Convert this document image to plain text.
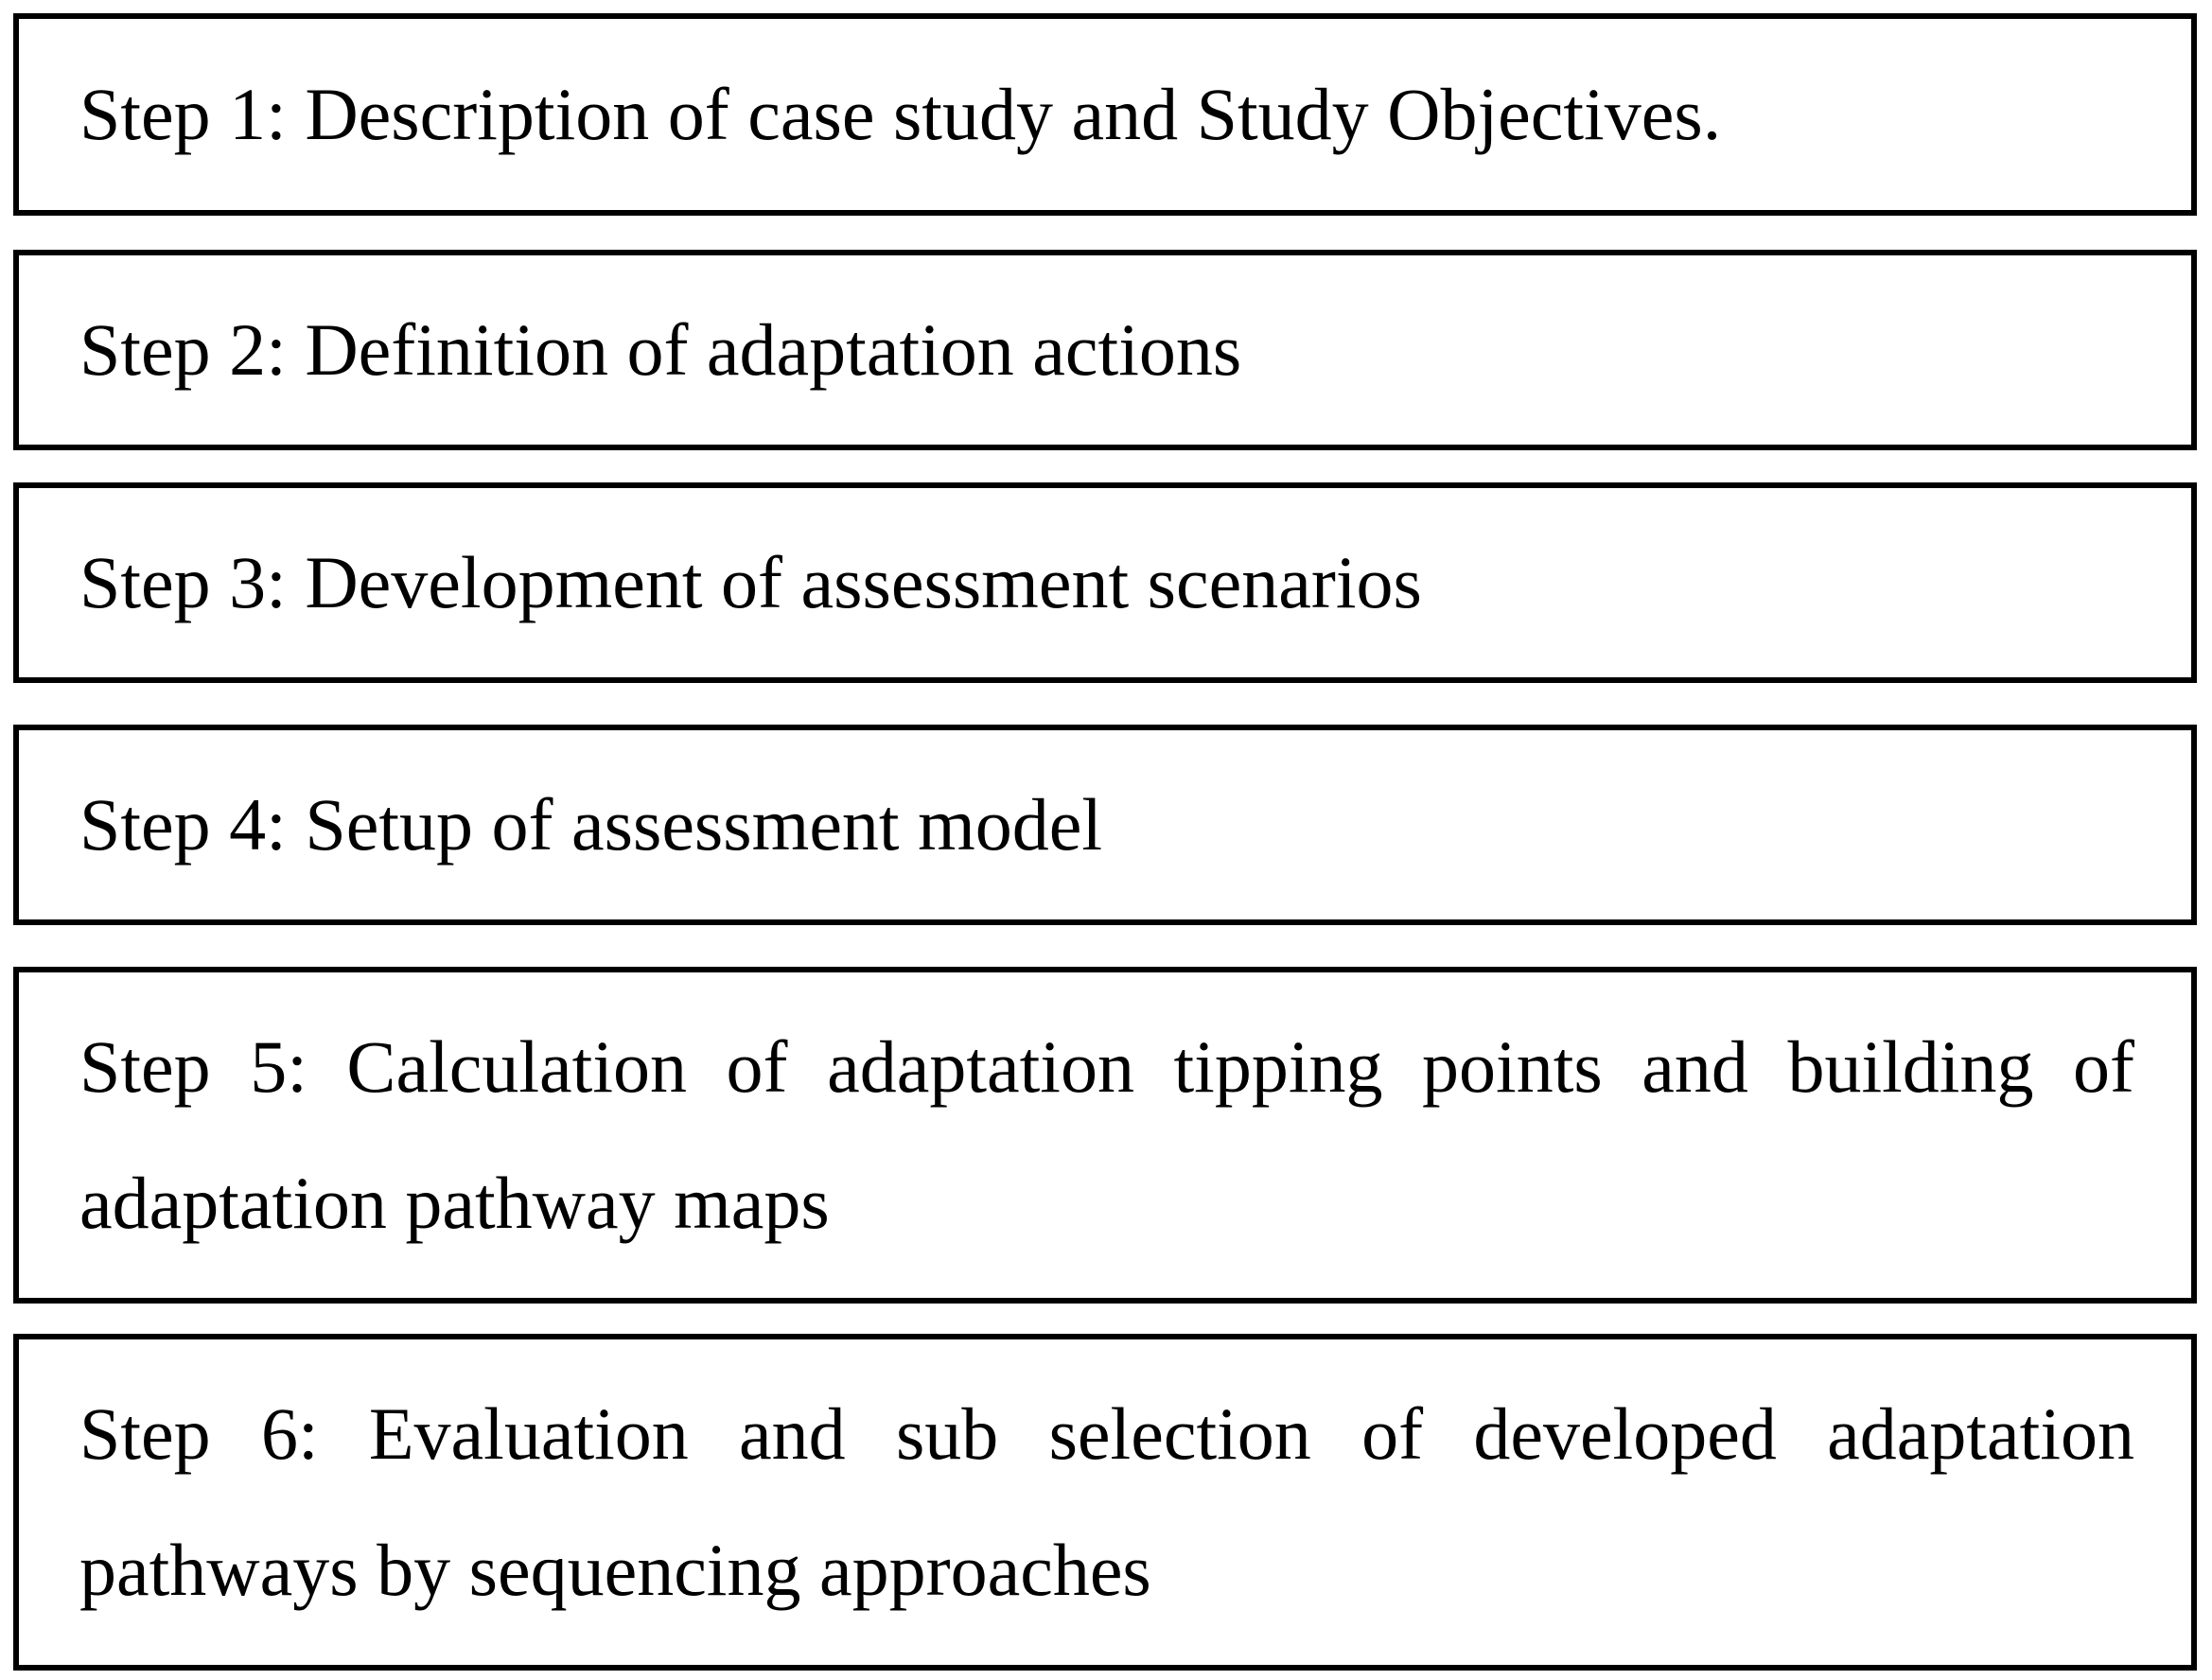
Step 1: Description of case study and Study Objectives.
Step 2: Definition of adaptation actions
Step 3: Development of assessment scenarios
Step 4: Setup of assessment model
Step 5: Calculation of adaptation tipping points and building of adaptation pathway maps
Step 6: Evaluation and sub selection of developed adaptation pathways by sequencing approaches
